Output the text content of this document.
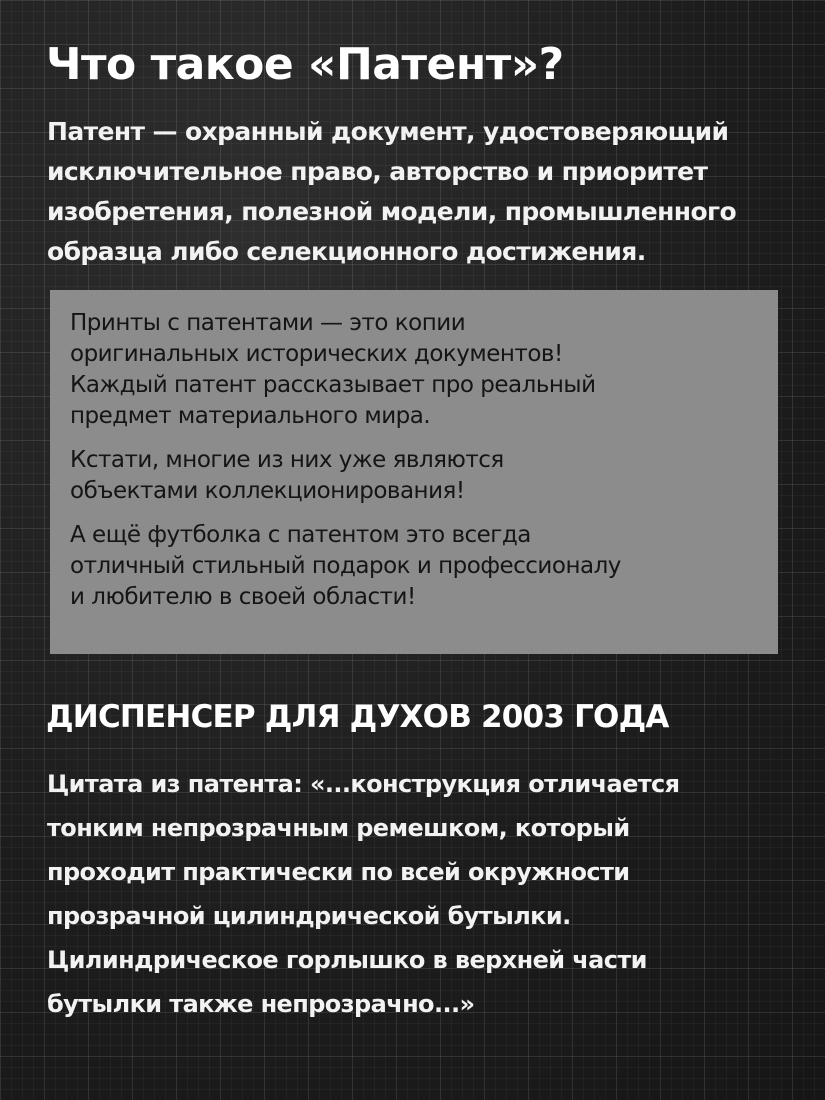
Что такое «Патент»?

Патент — охранный документ, удостоверяющий
исключительное право, авторство и приоритет
изобретения, полезной модели, промышленного
образца либо селекционного достижения.

Принты с патентами — это копии
оригинальных исторических документов!
Каждый патент рассказывает про реальный
предмет материального мира.

Кстати, многие из них уже являются
объектами коллекционирования!

А ещё футболка с патентом это всегда
отличный стильный подарок и профессионалу
и любителю в своей области!

ДИСПЕНСЕР ДЛЯ ДУХОВ 2003 ГОДА

Цитата из патента: «...конструкция отличается
тонким непрозрачным ремешком, который
проходит практически по всей окружности
прозрачной цилиндрической бутылки.
Цилиндрическое горлышко в верхней части
бутылки также непрозрачно...»
